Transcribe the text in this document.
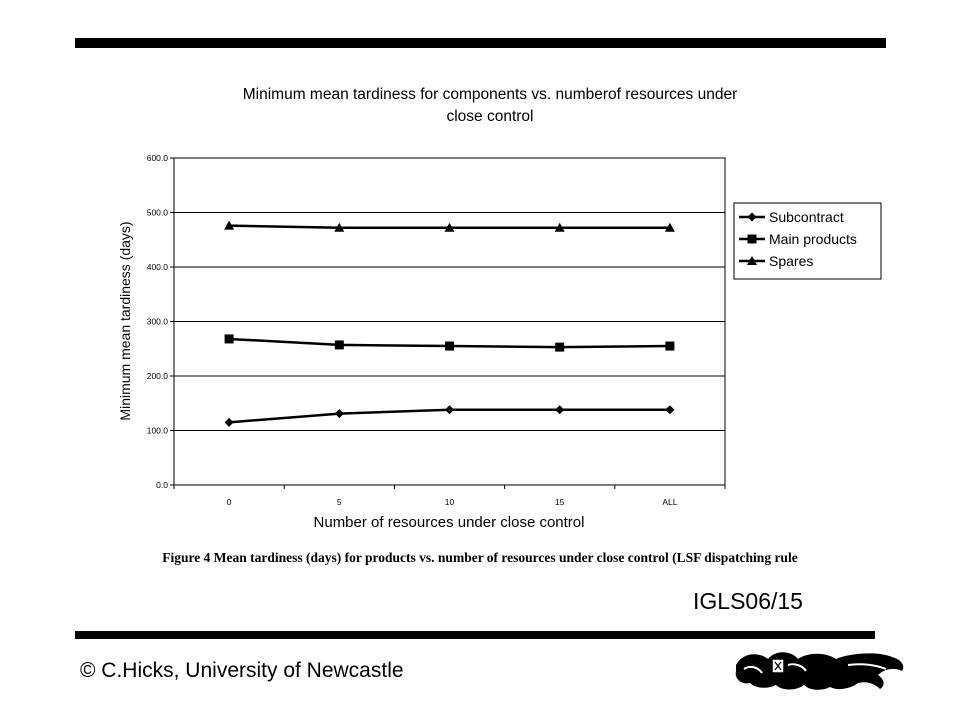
Minimum mean tardiness for components vs. numberof resources under
close control
0.0
100.0
200.0
300.0
400.0
500.0
600.0
0	5	10	15	ALL
Minimum mean tardiness (days)
Number of resources under close control
Subcontract
Main products
Spares
Figure 4 Mean tardiness (days) for products vs. number of resources under close control (LSF dispatching rule
IGLS06/15
© C.Hicks, University of Newcastle
